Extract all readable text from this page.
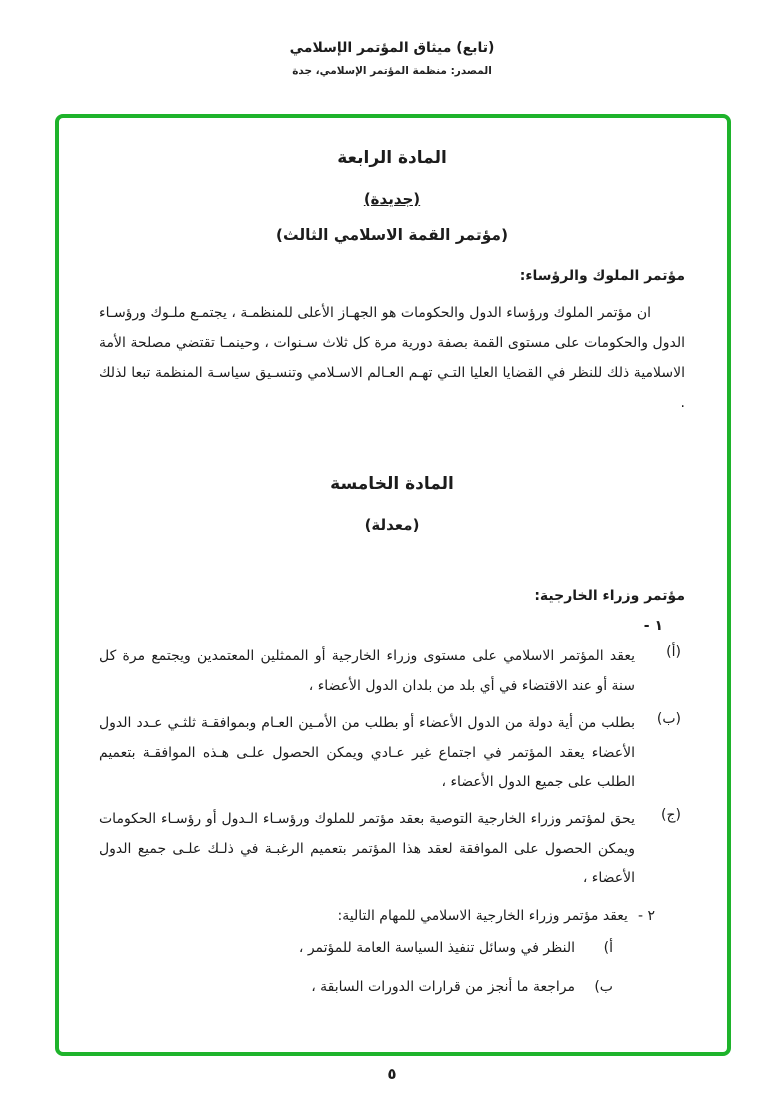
(تابع) ميثاق المؤتمر الإسلامي
المصدر: منظمة المؤتمر الإسلامي، جدة
المادة الرابعة
(جديدة)
(مؤتمر القمة الاسلامي الثالث)
مؤتمر الملوك والرؤساء:

ان مؤتمر الملوك ورؤساء الدول والحكومات هو الجهـاز الأعلى للمنظمـة ، يجتمـع ملـوك ورؤسـاء الدول والحكومات على مستوى القمة بصفة دورية مرة كل ثلاث سـنوات ، وحينمـا تقتضي مصلحة الأمة الاسلامية ذلك للنظر في القضايا العليا التـي تهـم العـالم الاسـلامي وتنسـيق سياسـة المنظمة تبعا لذلك .

المادة الخامسة
(معدلة)
مؤتمر وزراء الخارجية:
١ -
(أ)
يعقد المؤتمر الاسلامي على مستوى وزراء الخارجية أو الممثلين المعتمدين ويجتمع مرة كل سنة أو عند الاقتضاء في أي بلد من بلدان الدول الأعضاء ،
(ب)
بطلب من أية دولة من الدول الأعضاء أو بطلب من الأمـين العـام وبموافقـة ثلثـي عـدد الدول الأعضاء يعقد المؤتمر في اجتماع غير عـادي ويمكن الحصول علـى هـذه الموافقـة بتعميم الطلب على جميع الدول الأعضاء ،
(ج)
يحق لمؤتمر وزراء الخارجية التوصية بعقد مؤتمر للملوك ورؤسـاء الـدول أو رؤسـاء الحكومات ويمكن الحصول على الموافقة لعقد هذا المؤتمر بتعميم الرغبـة في ذلـك علـى جميع الدول الأعضاء ،
٢ -
يعقد مؤتمر وزراء الخارجية الاسلامي للمهام التالية:
أ)
النظر في وسائل تنفيذ السياسة العامة للمؤتمر ،
ب)
مراجعة ما أنجز من قرارات الدورات السابقة ،
٥
